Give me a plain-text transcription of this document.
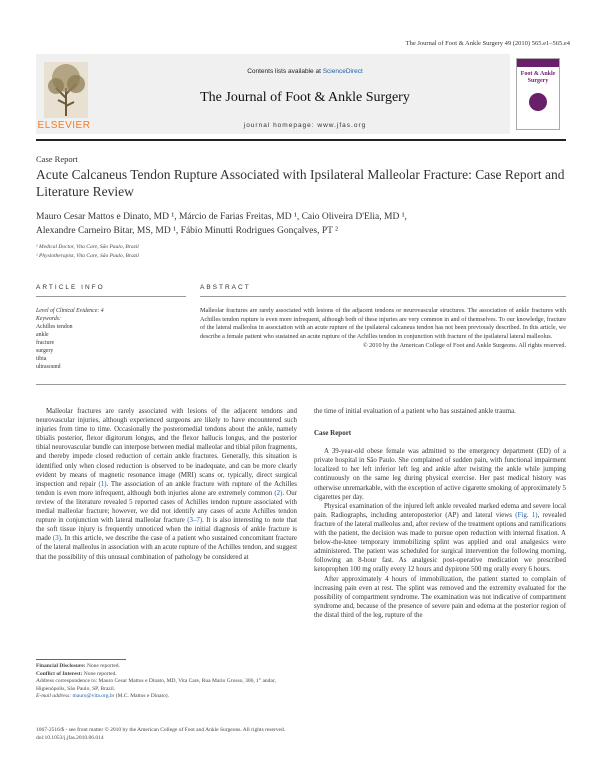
The Journal of Foot & Ankle Surgery 49 (2010) 565.e1–565.e4
ELSEVIER
Contents lists available at ScienceDirect
The Journal of Foot & Ankle Surgery
journal homepage: www.jfas.org
Foot & Ankle Surgery
Case Report
Acute Calcaneus Tendon Rupture Associated with Ipsilateral Malleolar Fracture: Case Report and Literature Review
Mauro Cesar Mattos e Dinato, MD ¹, Márcio de Farias Freitas, MD ¹, Caio Oliveira D'Elia, MD ¹,
Alexandre Carneiro Bitar, MS, MD ¹, Fábio Minutti Rodrigues Gonçalves, PT ²
¹ Medical Doctor, Vita Care, São Paulo, Brazil
² Physiotherapist, Vita Care, São Paulo, Brazil
ARTICLE INFO	ABSTRACT
Level of Clinical Evidence: 4
Keywords:
Achilles tendon
ankle
fracture
surgery
tibia
ultrasound
Malleolar fractures are rarely associated with lesions of the adjacent tendons or neurovascular structures. The association of ankle fractures with Achilles tendon rupture is even more infrequent, although both of these injuries are very common in and of themselves. To our knowledge, fracture of the lateral malleolus in association with an acute rupture of the ipsilateral calcaneus tendon has not been previously described. In this article, we describe a female patient who sustained an acute rupture of the Achilles tendon in conjunction with fracture of the ipsilateral lateral malleolus.
© 2010 by the American College of Foot and Ankle Surgeons. All rights reserved.

Malleolar fractures are rarely associated with lesions of the adjacent tendons and neurovascular injuries, although experienced surgeons are likely to have encountered such injuries from time to time. Occasionally the posteromedial tendons about the ankle, namely tibialis posterior, flexor digitorum longus, and the flexor hallucis longus, and the posterior tibial neurovascular bundle can interpose between medial malleolar and tibial pilon fragments, and thereby impede closed reduction of certain ankle fractures. Generally, this situation is identified only when closed reduction is observed to be inadequate, and can be more clearly evident by means of magnetic resonance image (MRI) scans or, typically, direct surgical inspection and repair (1). The association of an ankle fracture with rupture of the Achilles tendon is even more infrequent, although both injuries alone are extremely common (2). Our review of the literature revealed 5 reported cases of Achilles tendon rupture associated with medial malleolar fracture; however, we did not identify any cases of acute Achilles tendon rupture in conjunction with lateral malleolar fracture (3–7). It is also interesting to note that the soft tissue injury is frequently unnoticed when the initial diagnosis of ankle fracture is made (3). In this article, we describe the case of a patient who sustained concomitant fracture of the lateral malleolus in association with an acute rupture of the Achilles tendon, and suggest that the possibility of this unusual combination of pathology be considered at

the time of initial evaluation of a patient who has sustained ankle trauma.

Case Report

A 39-year-old obese female was admitted to the emergency department (ED) of a private hospital in São Paulo. She complained of sudden pain, with functional impairment localized to her left inferior left leg and ankle after twisting the ankle while jumping continuously on the same leg during physical exercise. Her past medical history was otherwise unremarkable, with the exception of active cigarette smoking of approximately 5 cigarettes per day.

Physical examination of the injured left ankle revealed marked edema and severe local pain. Radiographs, including anteroposterior (AP) and lateral views (Fig. 1), revealed fracture of the lateral malleolus and, after review of the treatment options and ramifications with the patient, the decision was made to pursue open reduction with internal fixation. A below-the-knee temporary immobilizing splint was applied and oral analgesics were administered. The patient was scheduled for surgical intervention the following morning, following an 8-hour fast. As analgesic post-operative medication we prescribed ketoprophen 100 mg orally every 12 hours and dypirone 500 mg orally every 6 hours.

After approximately 4 hours of immobilization, the patient started to complain of increasing pain even at rest. The splint was removed and the extremity evaluated for the possibility of compartment syndrome. The examination was not indicative of compartment syndrome and, because of the presence of severe pain and edema at the posterior region of the distal third of the leg, rupture of the

Financial Disclosure: None reported.
Conflict of Interest: None reported.
Address correspondence to: Mauro Cesar Mattos e Dinato, MD, Vita Care, Rua Mario Grosso, 306, 1° andar, Higienópolis, São Paulo, SP, Brazil.
E-mail address: mauro@vita.org.br (M.C. Mattos e Dinato).
1067-2516/$ - see front matter © 2010 by the American College of Foot and Ankle Surgeons. All rights reserved.
doi:10.1053/j.jfas.2010.06.014
